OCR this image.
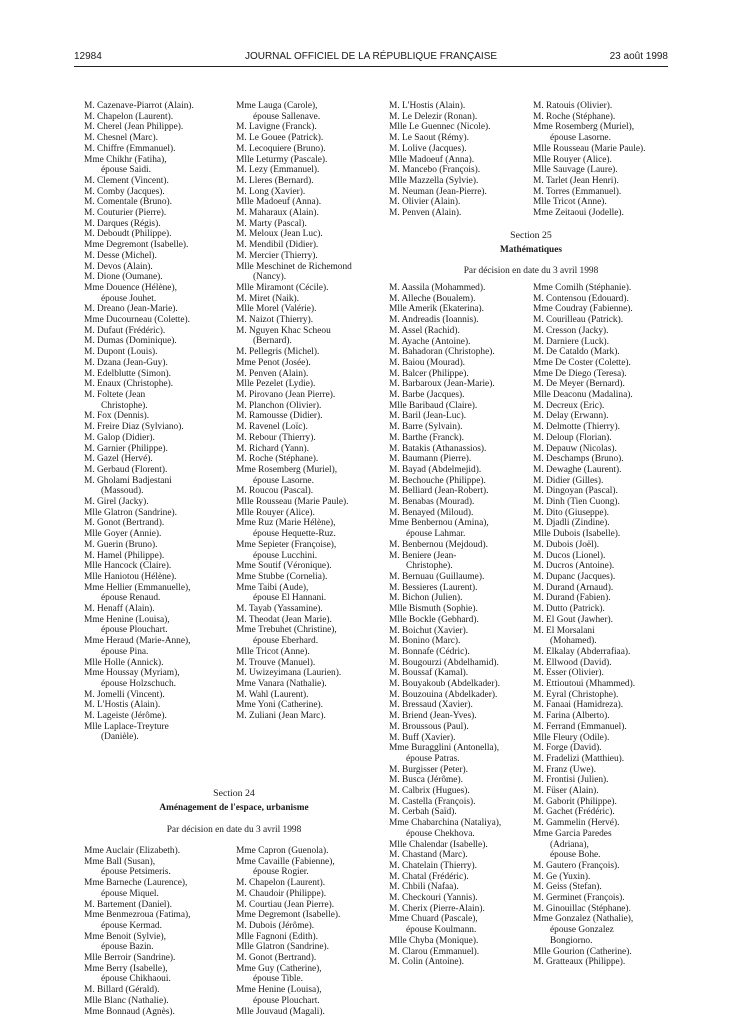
12984	JOURNAL OFFICIEL DE LA RÉPUBLIQUE FRANÇAISE	23 août 1998
M. Cazenave-Piarrot (Alain).
M. Chapelon (Laurent).
M. Cherel (Jean Philippe).
M. Chesnel (Marc).
M. Chiffre (Emmanuel).
Mme Chikhr (Fatiha),
épouse Saidi.
M. Clement (Vincent).
M. Comby (Jacques).
M. Comentale (Bruno).
M. Couturier (Pierre).
M. Darques (Régis).
M. Deboudt (Philippe).
Mme Degremont (Isabelle).
M. Desse (Michel).
M. Devos (Alain).
M. Dione (Oumane).
Mme Douence (Hélène),
épouse Jouhet.
M. Dreano (Jean-Marie).
Mme Ducourneau (Colette).
M. Dufaut (Frédéric).
M. Dumas (Dominique).
M. Dupont (Louis).
M. Dzana (Jean-Guy).
M. Edelblutte (Simon).
M. Enaux (Christophe).
M. Foltete (Jean
Christophe).
M. Fox (Dennis).
M. Freire Diaz (Sylviano).
M. Galop (Didier).
M. Garnier (Philippe).
M. Gazel (Hervé).
M. Gerbaud (Florent).
M. Gholami Badjestani
(Massoud).
M. Girel (Jacky).
Mlle Glatron (Sandrine).
M. Gonot (Bertrand).
Mlle Goyer (Annie).
M. Guerin (Bruno).
M. Hamel (Philippe).
Mlle Hancock (Claire).
Mlle Haniotou (Hélène).
Mme Hellier (Emmanuelle),
épouse Renaud.
M. Henaff (Alain).
Mme Henine (Louisa),
épouse Plouchart.
Mme Heraud (Marie-Anne),
épouse Pina.
Mlle Holle (Annick).
Mme Houssay (Myriam),
épouse Holzschuch.
M. Jomelli (Vincent).
M. L'Hostis (Alain).
M. Lageiste (Jérôme).
Mlle Laplace-Treyture
(Danièle).
Mme Lauga (Carole),
épouse Sallenave.
M. Lavigne (Franck).
M. Le Gouee (Patrick).
M. Lecoquiere (Bruno).
Mlle Leturmy (Pascale).
M. Lezy (Emmanuel).
M. Lleres (Bernard).
M. Long (Xavier).
Mlle Madoeuf (Anna).
M. Maharaux (Alain).
M. Marty (Pascal).
M. Meloux (Jean Luc).
M. Mendibil (Didier).
M. Mercier (Thierry).
Mlle Meschinet de Richemond
(Nancy).
Mlle Miramont (Cécile).
M. Miret (Naik).
Mlle Morel (Valérie).
M. Naizot (Thierry).
M. Nguyen Khac Scheou
(Bernard).
M. Pellegris (Michel).
Mme Penot (Josée).
M. Penven (Alain).
Mlle Pezelet (Lydie).
M. Pirovano (Jean Pierre).
M. Planchon (Olivier).
M. Ramousse (Didier).
M. Ravenel (Loïc).
M. Rebour (Thierry).
M. Richard (Yann).
M. Roche (Stéphane).
Mme Rosemberg (Muriel),
épouse Lasorne.
M. Roucou (Pascal).
Mlle Rousseau (Marie Paule).
Mlle Rouyer (Alice).
Mme Ruz (Marie Hélène),
épouse Hequette-Ruz.
Mme Sepieter (Françoise),
épouse Lucchini.
Mme Soutif (Véronique).
Mme Stubbe (Cornelia).
Mme Taibi (Aude),
épouse El Hannani.
M. Tayab (Yassamine).
M. Theodat (Jean Marie).
Mme Trebuhet (Christine),
épouse Eberhard.
Mlle Tricot (Anne).
M. Trouve (Manuel).
M. Uwizeyimana (Laurien).
Mme Vanara (Nathalie).
M. Wahl (Laurent).
Mme Yoni (Catherine).
M. Zuliani (Jean Marc).
M. L'Hostis (Alain).
M. Le Delezir (Ronan).
Mlle Le Guennec (Nicole).
M. Le Saout (Rémy).
M. Lolive (Jacques).
Mlle Madoeuf (Anna).
M. Mancebo (François).
Mlle Mazzella (Sylvie).
M. Neuman (Jean-Pierre).
M. Olivier (Alain).
M. Penven (Alain).
M. Ratouis (Olivier).
M. Roche (Stéphane).
Mme Rosemberg (Muriel),
épouse Lasorne.
Mlle Rousseau (Marie Paule).
Mlle Rouyer (Alice).
Mlle Sauvage (Laure).
M. Tarlet (Jean Henri).
M. Torres (Emmanuel).
Mlle Tricot (Anne).
Mme Zeitaoui (Jodelle).
Section 24
Aménagement de l'espace, urbanisme
Par décision en date du 3 avril 1998
Mme Auclair (Elizabeth).
Mme Ball (Susan),
épouse Petsimeris.
Mme Barneche (Laurence),
épouse Miquel.
M. Bartement (Daniel).
Mme Benmezroua (Fatima),
épouse Kermad.
Mme Benoit (Sylvie),
épouse Bazin.
Mlle Berroir (Sandrine).
Mme Berry (Isabelle),
épouse Chikhaoui.
M. Billard (Gérald).
Mlle Blanc (Nathalie).
Mme Bonnaud (Agnès).
Mme Capron (Guenola).
Mme Cavaille (Fabienne),
épouse Rogier.
M. Chapelon (Laurent).
M. Chaudoir (Philippe).
M. Courtiau (Jean Pierre).
Mme Degremont (Isabelle).
M. Dubois (Jérôme).
Mlle Fagnoni (Edith).
Mlle Glatron (Sandrine).
M. Gonot (Bertrand).
Mme Guy (Catherine),
épouse Tible.
Mme Henine (Louisa),
épouse Plouchart.
Mlle Jouvaud (Magali).
Section 25
Mathématiques
Par décision en date du 3 avril 1998
M. Aassila (Mohammed).
M. Allechе (Boualem).
Mlle Amerik (Ekaterina).
M. Andreadis (Ioannis).
M. Assel (Rachid).
M. Ayache (Antoine).
M. Bahadoran (Christophe).
M. Baiou (Mourad).
M. Balcer (Philippe).
M. Barbaroux (Jean-Marie).
M. Barbe (Jacques).
Mlle Baribaud (Claire).
M. Baril (Jean-Luc).
M. Barre (Sylvain).
M. Barthe (Franck).
M. Batakis (Athanassios).
M. Baumann (Pierre).
M. Bayad (Abdelmejid).
M. Bechouche (Philippe).
M. Belliard (Jean-Robert).
M. Benabas (Mourad).
M. Benayed (Miloud).
Mme Benbernou (Amina),
épouse Lahmar.
M. Benbernou (Mejdoud).
M. Beniere (Jean-
Christophe).
M. Bernuau (Guillaume).
M. Bessieres (Laurent).
M. Bichon (Julien).
Mlle Bismuth (Sophie).
Mlle Bockle (Gebhard).
M. Boichut (Xavier).
M. Bonino (Marc).
M. Bonnafe (Cédric).
M. Bougourzi (Abdelhamid).
M. Boussaf (Kamal).
M. Bouyakoub (Abdelkader).
M. Bouzouina (Abdelkader).
M. Bressaud (Xavier).
M. Briend (Jean-Yves).
M. Broussous (Paul).
M. Buff (Xavier).
Mme Buragglini (Antonella),
épouse Patras.
M. Burgisser (Peter).
M. Busca (Jérôme).
M. Calbrix (Hugues).
M. Castella (François).
M. Cerbah (Saïd).
Mme Chabarchina (Nataliya),
épouse Chekhova.
Mlle Chalendar (Isabelle).
M. Chastand (Marc).
M. Chatelain (Thierry).
M. Chatal (Frédéric).
M. Chbili (Nafaa).
M. Checkouri (Yannis).
M. Cherix (Pierre-Alain).
Mme Chuard (Pascale),
épouse Koulmann.
Mlle Chyba (Monique).
M. Clarou (Emmanuel).
M. Colin (Antoine).
Mme Comilh (Stéphanie).
M. Contensou (Edouard).
Mme Coudray (Fabienne).
M. Courilleau (Patrick).
M. Cresson (Jacky).
M. Darniere (Luck).
M. De Cataldo (Mark).
Mme De Coster (Colette).
Mme De Diego (Teresa).
M. De Meyer (Bernard).
Mlle Deaconu (Madalina).
M. Decreux (Eric).
M. Delay (Erwann).
M. Delmotte (Thierry).
M. Deloup (Florian).
M. Depauw (Nicolas).
M. Deschamps (Bruno).
M. Dewaghe (Laurent).
M. Didier (Gilles).
M. Dingoyan (Pascal).
M. Dinh (Tien Cuong).
M. Dito (Giuseppe).
M. Djadli (Zindine).
Mlle Dubois (Isabelle).
M. Dubois (Joël).
M. Ducos (Lionel).
M. Ducros (Antoine).
M. Dupanc (Jacques).
M. Durand (Arnaud).
M. Durand (Fabien).
M. Dutto (Patrick).
M. El Gout (Jawher).
M. El Morsalani
(Mohamed).
M. Elkalay (Abderrafiaa).
M. Ellwood (David).
M. Esser (Olivier).
M. Ettioutoui (Mhammed).
M. Eyral (Christophe).
M. Fanaai (Hamidreza).
M. Farina (Alberto).
M. Ferrand (Emmanuel).
Mlle Fleury (Odile).
M. Forge (David).
M. Fradelizi (Matthieu).
M. Franz (Uwe).
M. Frontisi (Julien).
M. Füser (Alain).
M. Gaborit (Philippe).
M. Gachet (Frédéric).
M. Gammelin (Hervé).
Mme Garcia Paredes
(Adriana),
épouse Bohe.
M. Gautero (François).
M. Ge (Yuxin).
M. Geiss (Stefan).
M. Germinet (François).
M. Ginouillac (Stéphane).
Mme Gonzalez (Nathalie),
épouse Gonzalez
Bongiorno.
Mlle Gourion (Catherine).
M. Gratteaux (Philippe).
